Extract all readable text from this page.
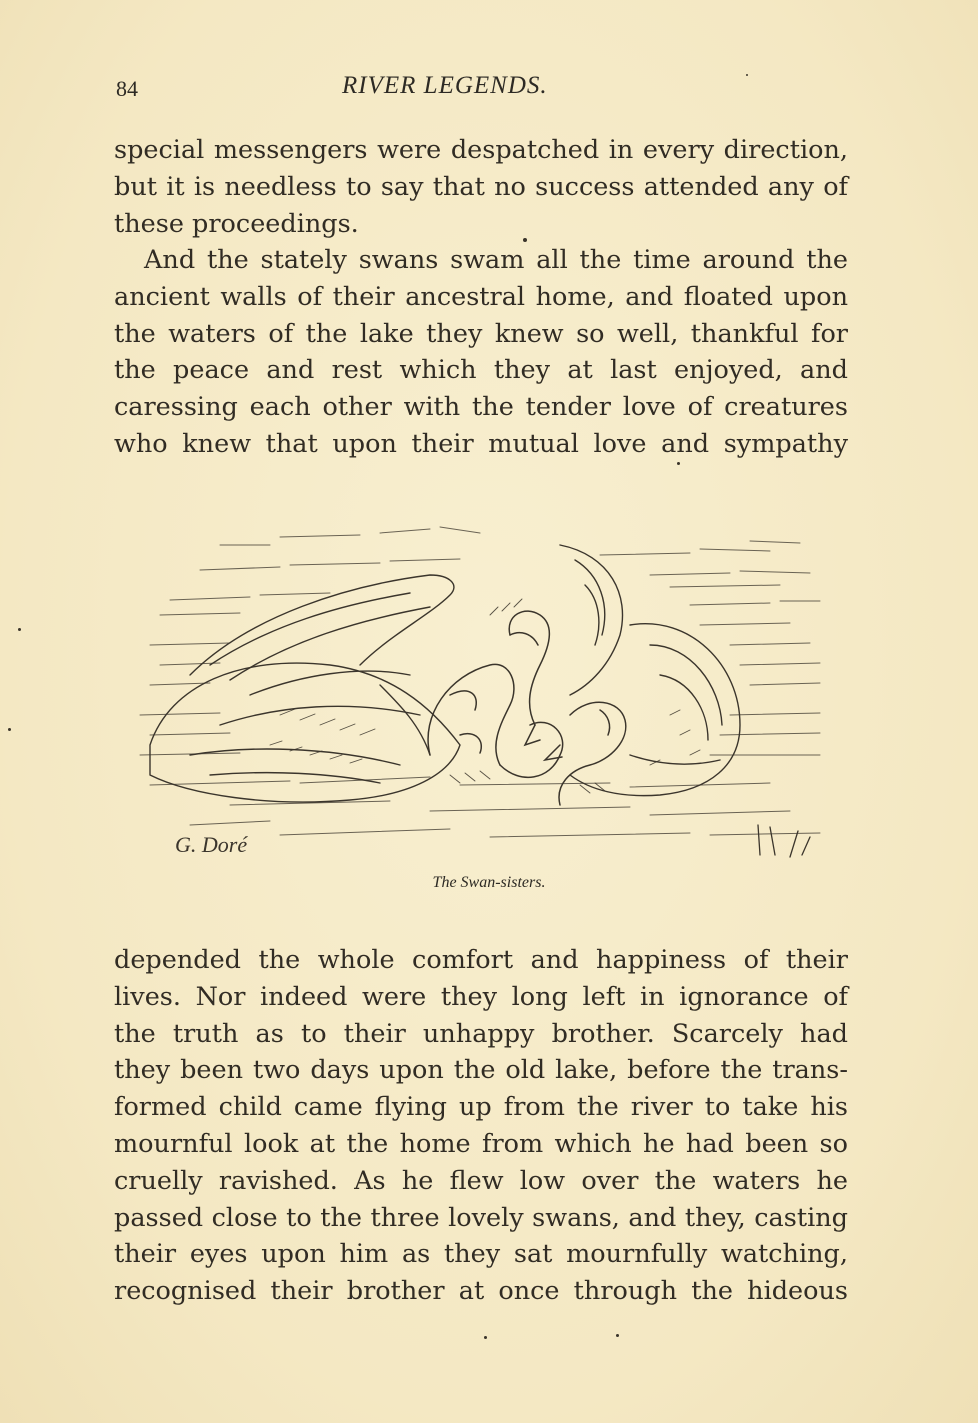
84	RIVER LEGENDS.
special messengers were despatched in every direction,
but it is needless to say that no success attended any of
these proceedings.
And the stately swans swam all the time around the
ancient walls of their ancestral home, and floated upon
the waters of the lake they knew so well, thankful for
the peace and rest which they at last enjoyed, and
caressing each other with the tender love of creatures
who knew that upon their mutual love and sympathy
G. Doré
The Swan-sisters.
depended the whole comfort and happiness of their
lives. Nor indeed were they long left in ignorance of
the truth as to their unhappy brother. Scarcely had
they been two days upon the old lake, before the trans-
formed child came flying up from the river to take his
mournful look at the home from which he had been so
cruelly ravished. As he flew low over the waters he
passed close to the three lovely swans, and they, casting
their eyes upon him as they sat mournfully watching,
recognised their brother at once through the hideous
